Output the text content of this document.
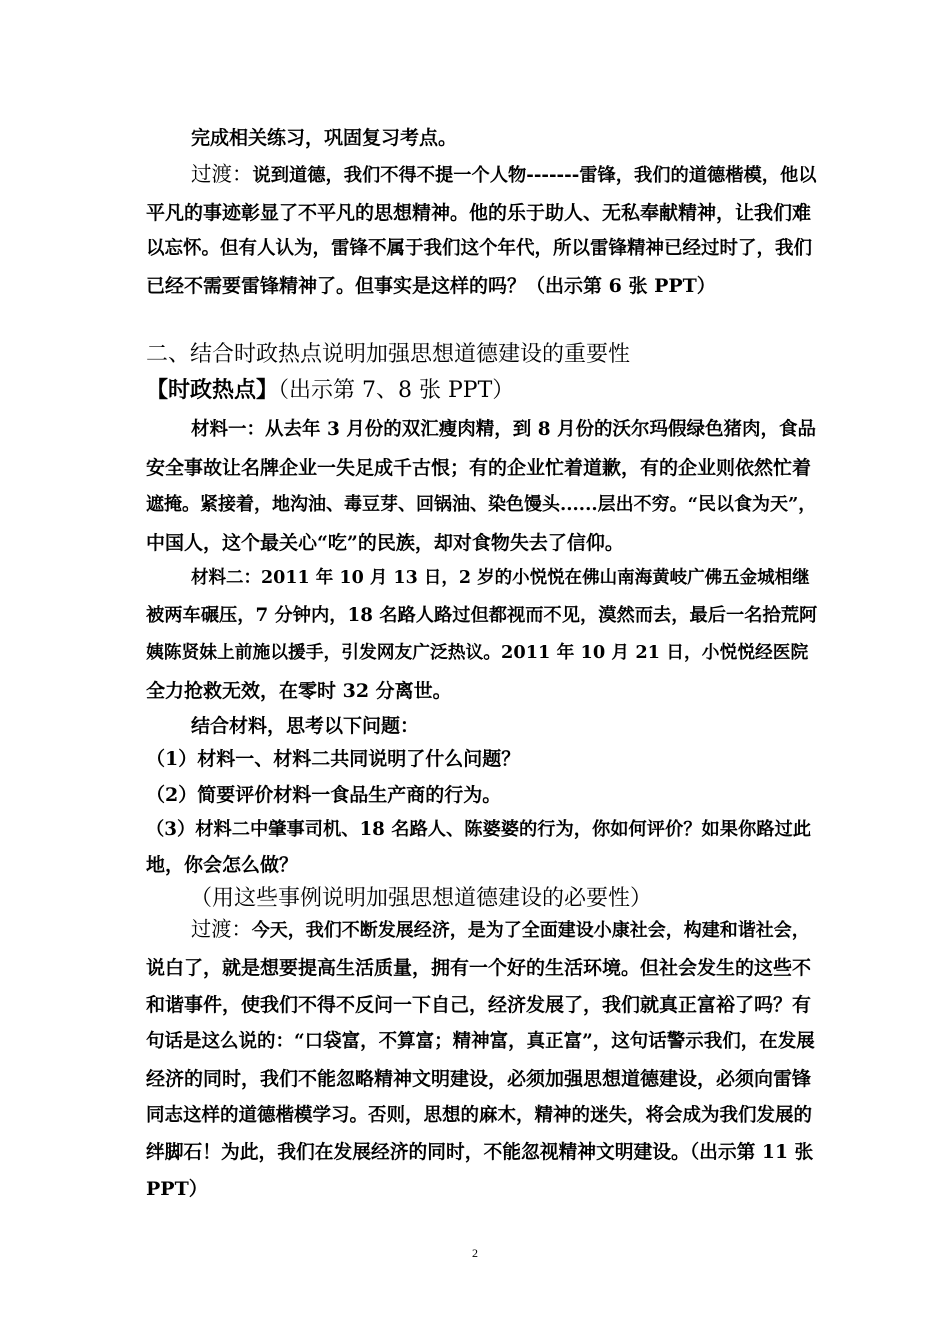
完成相关练习，巩固复习考点。
过渡：说到道德，我们不得不提一个人物-------雷锋，我们的道德楷模，他以
平凡的事迹彰显了不平凡的思想精神。他的乐于助人、无私奉献精神，让我们难
以忘怀。但有人认为，雷锋不属于我们这个年代，所以雷锋精神已经过时了，我们
已经不需要雷锋精神了。但事实是这样的吗？（出示第 6 张 PPT）
二、结合时政热点说明加强思想道德建设的重要性
【时政热点】（出示第 7、8 张 PPT）
材料一：从去年 3 月份的双汇瘦肉精，到 8 月份的沃尔玛假绿色猪肉，食品
安全事故让名牌企业一失足成千古恨；有的企业忙着道歉，有的企业则依然忙着
遮掩。紧接着，地沟油、毒豆芽、回锅油、染色馒头......层出不穷。“民以食为天”，
中国人，这个最关心“吃”的民族，却对食物失去了信仰。
材料二：2011 年 10 月 13 日，2 岁的小悦悦在佛山南海黄岐广佛五金城相继
被两车碾压，7 分钟内，18 名路人路过但都视而不见，漠然而去，最后一名拾荒阿
姨陈贤妹上前施以援手，引发网友广泛热议。2011 年 10 月 21 日，小悦悦经医院
全力抢救无效，在零时 32 分离世。
结合材料，思考以下问题：
（1）材料一、材料二共同说明了什么问题？
（2）简要评价材料一食品生产商的行为。
（3）材料二中肇事司机、18 名路人、陈婆婆的行为，你如何评价？如果你路过此
地，你会怎么做？
（用这些事例说明加强思想道德建设的必要性）
过渡：今天，我们不断发展经济，是为了全面建设小康社会，构建和谐社会，
说白了，就是想要提高生活质量，拥有一个好的生活环境。但社会发生的这些不
和谐事件，使我们不得不反问一下自己，经济发展了，我们就真正富裕了吗？有
句话是这么说的：“口袋富，不算富；精神富，真正富”，这句话警示我们，在发展
经济的同时，我们不能忽略精神文明建设，必须加强思想道德建设，必须向雷锋
同志这样的道德楷模学习。否则，思想的麻木，精神的迷失，将会成为我们发展的
绊脚石！为此，我们在发展经济的同时，不能忽视精神文明建设。（出示第 11 张
PPT）
2
